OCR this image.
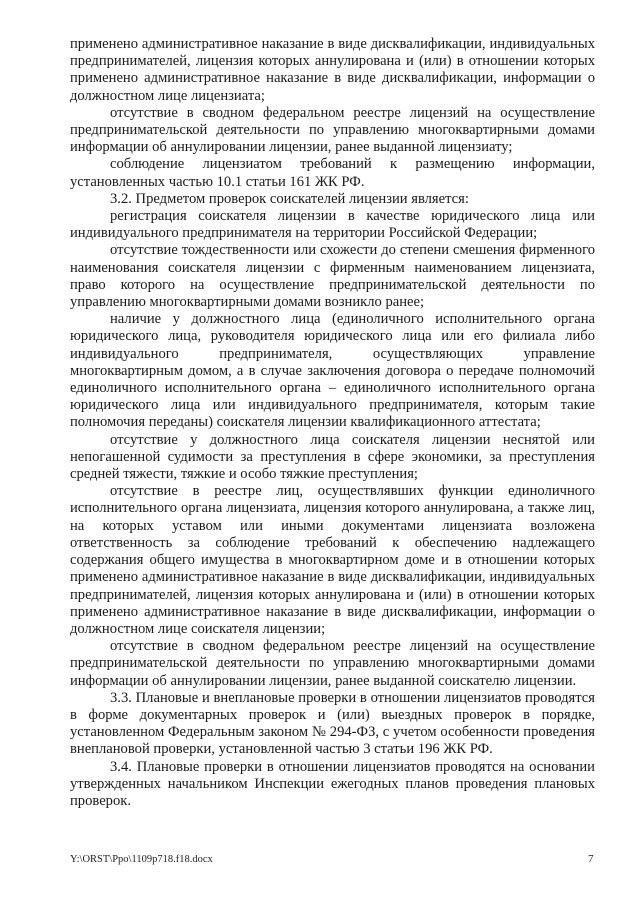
применено административное наказание в виде дисквалификации, индивидуальных предпринимателей, лицензия которых аннулирована и (или) в отношении которых применено административное наказание в виде дисквалификации, информации о должностном лице лицензиата;

отсутствие в сводном федеральном реестре лицензий на осуществление предпринимательской деятельности по управлению многоквартирными домами информации об аннулировании лицензии, ранее выданной лицензиату;

соблюдение лицензиатом требований к размещению информации, установленных частью 10.1 статьи 161 ЖК РФ.

3.2. Предметом проверок соискателей лицензии является:

регистрация соискателя лицензии в качестве юридического лица или индивидуального предпринимателя на территории Российской Федерации;

отсутствие тождественности или схожести до степени смешения фирменного наименования соискателя лицензии с фирменным наименованием лицензиата, право которого на осуществление предпринимательской деятельности по управлению многоквартирными домами возникло ранее;

наличие у должностного лица (единоличного исполнительного органа юридического лица, руководителя юридического лица или его филиала либо индивидуального предпринимателя, осуществляющих управление многоквартирным домом, а в случае заключения договора о передаче полномочий единоличного исполнительного органа – единоличного исполнительного органа юридического лица или индивидуального предпринимателя, которым такие полномочия переданы) соискателя лицензии квалификационного аттестата;

отсутствие у должностного лица соискателя лицензии неснятой или непогашенной судимости за преступления в сфере экономики, за преступления средней тяжести, тяжкие и особо тяжкие преступления;

отсутствие в реестре лиц, осуществлявших функции единоличного исполнительного органа лицензиата, лицензия которого аннулирована, а также лиц, на которых уставом или иными документами лицензиата возложена ответственность за соблюдение требований к обеспечению надлежащего содержания общего имущества в многоквартирном доме и в отношении которых применено административное наказание в виде дисквалификации, индивидуальных предпринимателей, лицензия которых аннулирована и (или) в отношении которых применено административное наказание в виде дисквалификации, информации о должностном лице соискателя лицензии;

отсутствие в сводном федеральном реестре лицензий на осуществление предпринимательской деятельности по управлению многоквартирными домами информации об аннулировании лицензии, ранее выданной соискателю лицензии.

3.3. Плановые и внеплановые проверки в отношении лицензиатов проводятся в форме документарных проверок и (или) выездных проверок в порядке, установленном Федеральным законом № 294-ФЗ, с учетом особенности проведения внеплановой проверки, установленной частью 3 статьи 196 ЖК РФ.

3.4. Плановые проверки в отношении лицензиатов проводятся на основании утвержденных начальником Инспекции ежегодных планов проведения плановых проверок.

Y:\ORST\Ppo\1109p718.f18.docx	7
